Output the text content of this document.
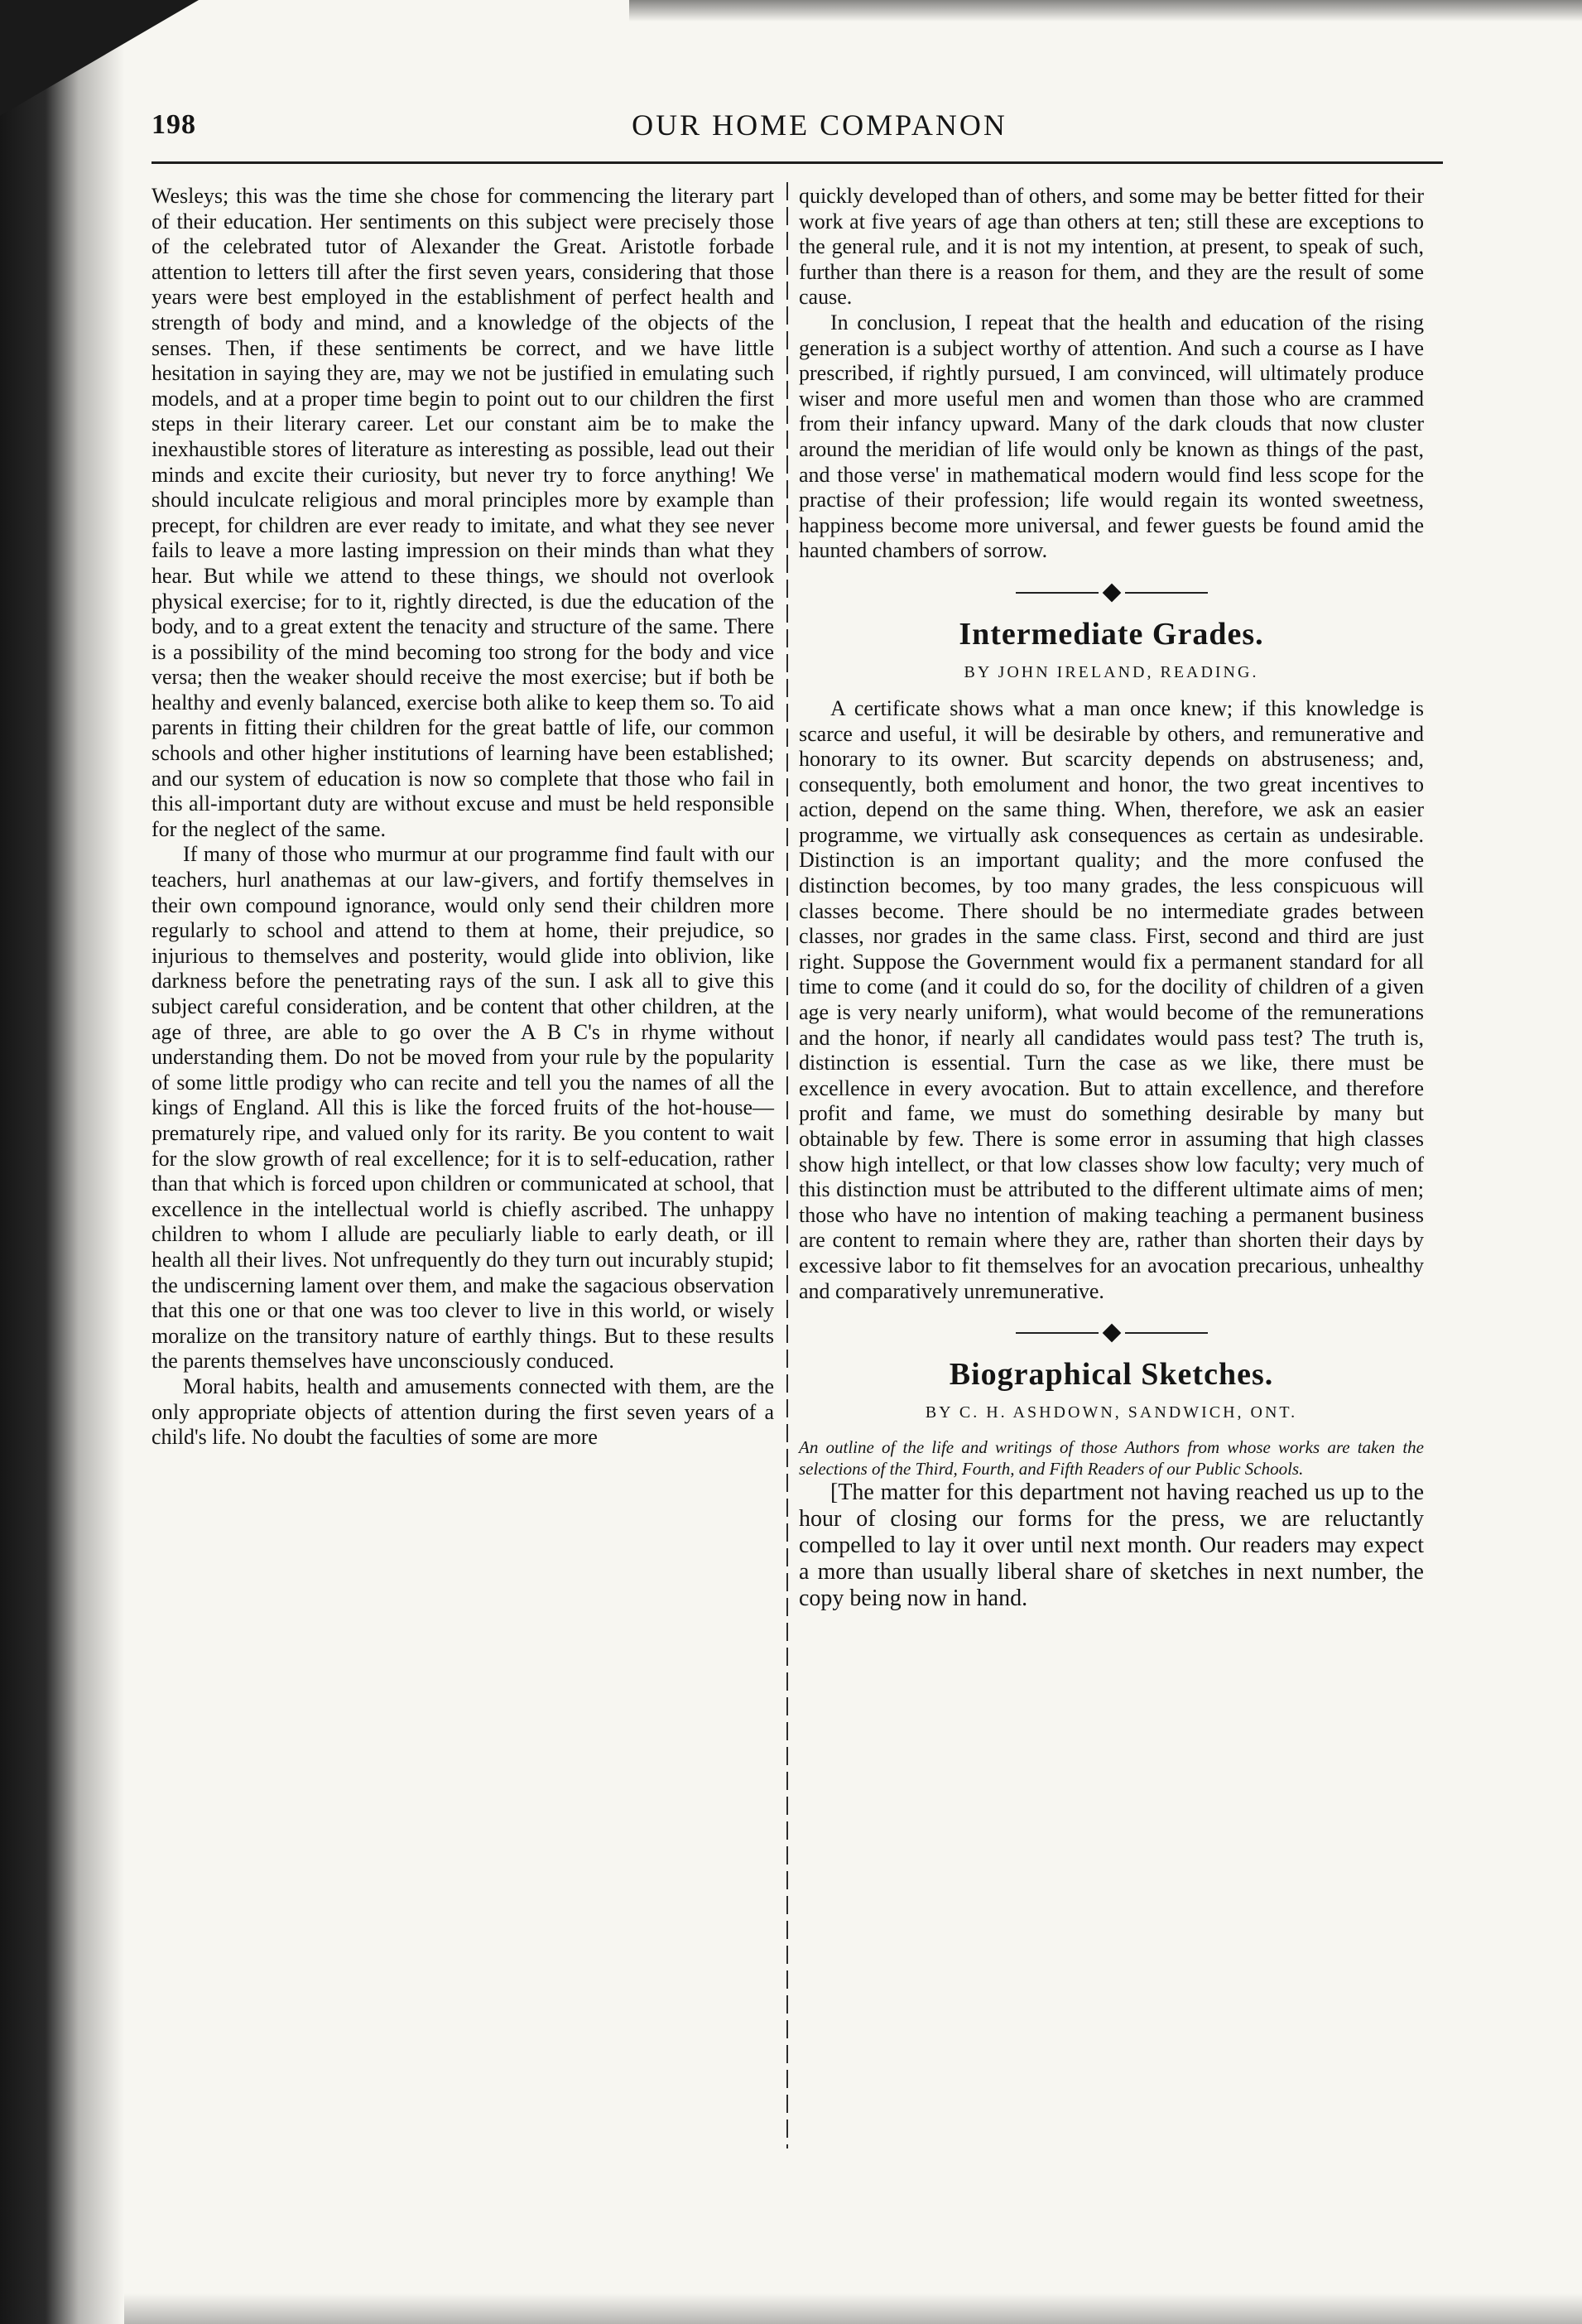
198	OUR HOME COMPANON

Wesleys; this was the time she chose for commencing the literary part of their education. Her sentiments on this subject were precisely those of the celebrated tutor of Alexander the Great. Aristotle forbade attention to letters till after the first seven years, considering that those years were best employed in the establishment of perfect health and strength of body and mind, and a knowledge of the objects of the senses. Then, if these sentiments be correct, and we have little hesitation in saying they are, may we not be justified in emulating such models, and at a proper time begin to point out to our children the first steps in their literary career. Let our constant aim be to make the inexhaustible stores of literature as interesting as possible, lead out their minds and excite their curiosity, but never try to force anything! We should inculcate religious and moral principles more by example than precept, for children are ever ready to imitate, and what they see never fails to leave a more lasting impression on their minds than what they hear. But while we attend to these things, we should not overlook physical exercise; for to it, rightly directed, is due the education of the body, and to a great extent the tenacity and structure of the same. There is a possibility of the mind becoming too strong for the body and vice versa; then the weaker should receive the most exercise; but if both be healthy and evenly balanced, exercise both alike to keep them so. To aid parents in fitting their children for the great battle of life, our common schools and other higher institutions of learning have been established; and our system of education is now so complete that those who fail in this all-important duty are without excuse and must be held responsible for the neglect of the same.

If many of those who murmur at our programme find fault with our teachers, hurl anathemas at our law-givers, and fortify themselves in their own compound ignorance, would only send their children more regularly to school and attend to them at home, their prejudice, so injurious to themselves and posterity, would glide into oblivion, like darkness before the penetrating rays of the sun. I ask all to give this subject careful consideration, and be content that other children, at the age of three, are able to go over the A B C's in rhyme without understanding them. Do not be moved from your rule by the popularity of some little prodigy who can recite and tell you the names of all the kings of England. All this is like the forced fruits of the hot-house—prematurely ripe, and valued only for its rarity. Be you content to wait for the slow growth of real excellence; for it is to self-education, rather than that which is forced upon children or communicated at school, that excellence in the intellectual world is chiefly ascribed. The unhappy children to whom I allude are peculiarly liable to early death, or ill health all their lives. Not unfrequently do they turn out incurably stupid; the undiscerning lament over them, and make the sagacious observation that this one or that one was too clever to live in this world, or wisely moralize on the transitory nature of earthly things. But to these results the parents themselves have unconsciously conduced.

Moral habits, health and amusements connected with them, are the only appropriate objects of attention during the first seven years of a child's life. No doubt the faculties of some are more

quickly developed than of others, and some may be better fitted for their work at five years of age than others at ten; still these are exceptions to the general rule, and it is not my intention, at present, to speak of such, further than there is a reason for them, and they are the result of some cause.

In conclusion, I repeat that the health and education of the rising generation is a subject worthy of attention. And such a course as I have prescribed, if rightly pursued, I am convinced, will ultimately produce wiser and more useful men and women than those who are crammed from their infancy upward. Many of the dark clouds that now cluster around the meridian of life would only be known as things of the past, and those verse' in mathematical modern would find less scope for the practise of their profession; life would regain its wonted sweetness, happiness become more universal, and fewer guests be found amid the haunted chambers of sorrow.

Intermediate Grades.
BY JOHN IRELAND, READING.

A certificate shows what a man once knew; if this knowledge is scarce and useful, it will be desirable by others, and remunerative and honorary to its owner. But scarcity depends on abstruseness; and, consequently, both emolument and honor, the two great incentives to action, depend on the same thing. When, therefore, we ask an easier programme, we virtually ask consequences as certain as undesirable. Distinction is an important quality; and the more confused the distinction becomes, by too many grades, the less conspicuous will classes become. There should be no intermediate grades between classes, nor grades in the same class. First, second and third are just right. Suppose the Government would fix a permanent standard for all time to come (and it could do so, for the docility of children of a given age is very nearly uniform), what would become of the remunerations and the honor, if nearly all candidates would pass test? The truth is, distinction is essential. Turn the case as we like, there must be excellence in every avocation. But to attain excellence, and therefore profit and fame, we must do something desirable by many but obtainable by few. There is some error in assuming that high classes show high intellect, or that low classes show low faculty; very much of this distinction must be attributed to the different ultimate aims of men; those who have no intention of making teaching a permanent business are content to remain where they are, rather than shorten their days by excessive labor to fit themselves for an avocation precarious, unhealthy and comparatively unremunerative.

Biographical Sketches.
BY C. H. ASHDOWN, SANDWICH, ONT.

An outline of the life and writings of those Authors from whose works are taken the selections of the Third, Fourth, and Fifth Readers of our Public Schools.

[The matter for this department not having reached us up to the hour of closing our forms for the press, we are reluctantly compelled to lay it over until next month. Our readers may expect a more than usually liberal share of sketches in next number, the copy being now in hand.
